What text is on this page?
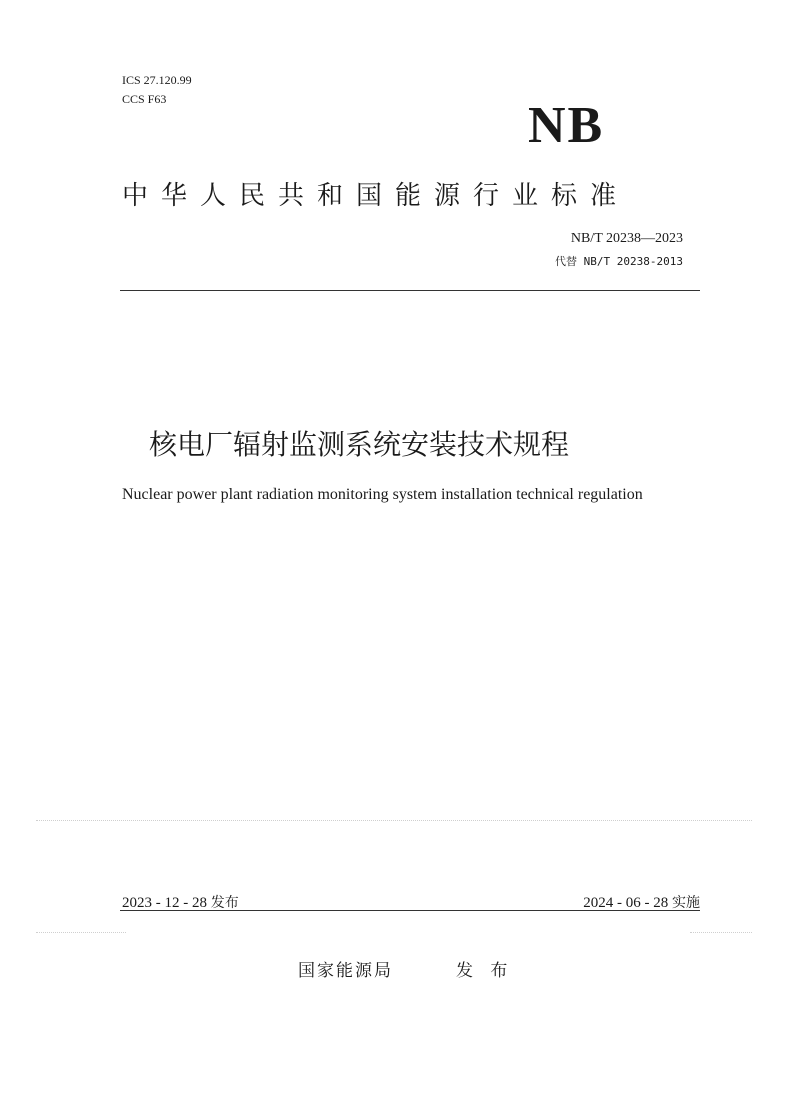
ICS 27.120.99
CCS F63	NB
中华人民共和国能源行业标准
NB/T 20238—2023
代替 NB/T 20238-2013
核电厂辐射监测系统安装技术规程
Nuclear power plant radiation monitoring system installation technical regulation
2023 - 12 - 28 发布	2024 - 06 - 28 实施
国家能源局	发 布
